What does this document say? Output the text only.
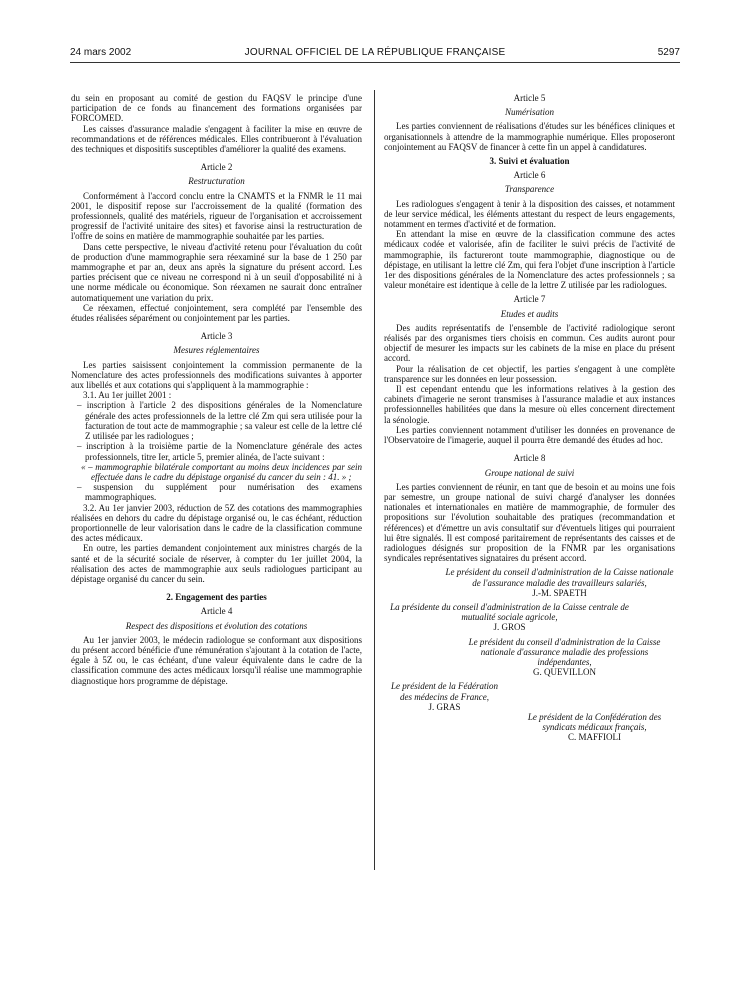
24 mars 2002	JOURNAL OFFICIEL DE LA RÉPUBLIQUE FRANÇAISE	5297

du sein en proposant au comité de gestion du FAQSV le principe d'une participation de ce fonds au financement des formations organisées par FORCOMED.

Les caisses d'assurance maladie s'engagent à faciliter la mise en œuvre de recommandations et de références médicales. Elles contribueront à l'évaluation des techniques et dispositifs susceptibles d'améliorer la qualité des examens.

Article 2

Restructuration

Conformément à l'accord conclu entre la CNAMTS et la FNMR le 11 mai 2001, le dispositif repose sur l'accroissement de la qualité (formation des professionnels, qualité des matériels, rigueur de l'organisation et accroissement progressif de l'activité unitaire des sites) et favorise ainsi la restructuration de l'offre de soins en matière de mammographie souhaitée par les parties.

Dans cette perspective, le niveau d'activité retenu pour l'évaluation du coût de production d'une mammographie sera réexaminé sur la base de 1 250 par mammographe et par an, deux ans après la signature du présent accord. Les parties précisent que ce niveau ne correspond ni à un seuil d'opposabilité ni à une norme médicale ou économique. Son réexamen ne saurait donc entraîner automatiquement une variation du prix.

Ce réexamen, effectué conjointement, sera complété par l'ensemble des études réalisées séparément ou conjointement par les parties.

Article 3

Mesures réglementaires

Les parties saisissent conjointement la commission permanente de la Nomenclature des actes professionnels des modifications suivantes à apporter aux libellés et aux cotations qui s'appliquent à la mammographie :

3.1. Au 1er juillet 2001 :

– inscription à l'article 2 des dispositions générales de la Nomenclature générale des actes professionnels de la lettre clé Zm qui sera utilisée pour la facturation de tout acte de mammographie ; sa valeur est celle de la lettre clé Z utilisée par les radiologues ;

– inscription à la troisième partie de la Nomenclature générale des actes professionnels, titre Ier, article 5, premier alinéa, de l'acte suivant :

« – mammographie bilatérale comportant au moins deux incidences par sein effectuée dans le cadre du dépistage organisé du cancer du sein : 41. » ;

– suspension du supplément pour numérisation des examens mammographiques.

3.2. Au 1er janvier 2003, réduction de 5Z des cotations des mammographies réalisées en dehors du cadre du dépistage organisé ou, le cas échéant, réduction proportionnelle de leur valorisation dans le cadre de la classification commune des actes médicaux.

En outre, les parties demandent conjointement aux ministres chargés de la santé et de la sécurité sociale de réserver, à compter du 1er juillet 2004, la réalisation des actes de mammographie aux seuls radiologues participant au dépistage organisé du cancer du sein.

2. Engagement des parties

Article 4

Respect des dispositions et évolution des cotations

Au 1er janvier 2003, le médecin radiologue se conformant aux dispositions du présent accord bénéficie d'une rémunération s'ajoutant à la cotation de l'acte, égale à 5Z ou, le cas échéant, d'une valeur équivalente dans le cadre de la classification commune des actes médicaux lorsqu'il réalise une mammographie diagnostique hors programme de dépistage.

Article 5

Numérisation

Les parties conviennent de réalisations d'études sur les bénéfices cliniques et organisationnels à attendre de la mammographie numérique. Elles proposeront conjointement au FAQSV de financer à cette fin un appel à candidatures.

3. Suivi et évaluation

Article 6

Transparence

Les radiologues s'engagent à tenir à la disposition des caisses, et notamment de leur service médical, les éléments attestant du respect de leurs engagements, notamment en termes d'activité et de formation.

En attendant la mise en œuvre de la classification commune des actes médicaux codée et valorisée, afin de faciliter le suivi précis de l'activité de mammographie, ils factureront toute mammographie, diagnostique ou de dépistage, en utilisant la lettre clé Zm, qui fera l'objet d'une inscription à l'article 1er des dispositions générales de la Nomenclature des actes professionnels ; sa valeur monétaire est identique à celle de la lettre Z utilisée par les radiologues.

Article 7

Etudes et audits

Des audits représentatifs de l'ensemble de l'activité radiologique seront réalisés par des organismes tiers choisis en commun. Ces audits auront pour objectif de mesurer les impacts sur les cabinets de la mise en place du présent accord.

Pour la réalisation de cet objectif, les parties s'engagent à une complète transparence sur les données en leur possession.

Il est cependant entendu que les informations relatives à la gestion des cabinets d'imagerie ne seront transmises à l'assurance maladie et aux instances professionnelles habilitées que dans la mesure où elles concernent directement la sénologie.

Les parties conviennent notamment d'utiliser les données en provenance de l'Observatoire de l'imagerie, auquel il pourra être demandé des études ad hoc.

Article 8

Groupe national de suivi

Les parties conviennent de réunir, en tant que de besoin et au moins une fois par semestre, un groupe national de suivi chargé d'analyser les données nationales et internationales en matière de mammographie, de formuler des propositions sur l'évolution souhaitable des pratiques (recommandation et références) et d'émettre un avis consultatif sur d'éventuels litiges qui pourraient lui être signalés. Il est composé paritairement de représentants des caisses et de radiologues désignés sur proposition de la FNMR par les organisations syndicales représentatives signataires du présent accord.

Le président du conseil d'administration de la Caisse nationale de l'assurance maladie des travailleurs salariés,

J.-M. SPAETH

La présidente du conseil d'administration de la Caisse centrale de mutualité sociale agricole,

J. GROS

Le président du conseil d'administration de la Caisse nationale d'assurance maladie des professions indépendantes,

G. QUEVILLON

Le président de la Fédération des médecins de France,

J. GRAS

Le président de la Confédération des syndicats médicaux français,

C. MAFFIOLI
